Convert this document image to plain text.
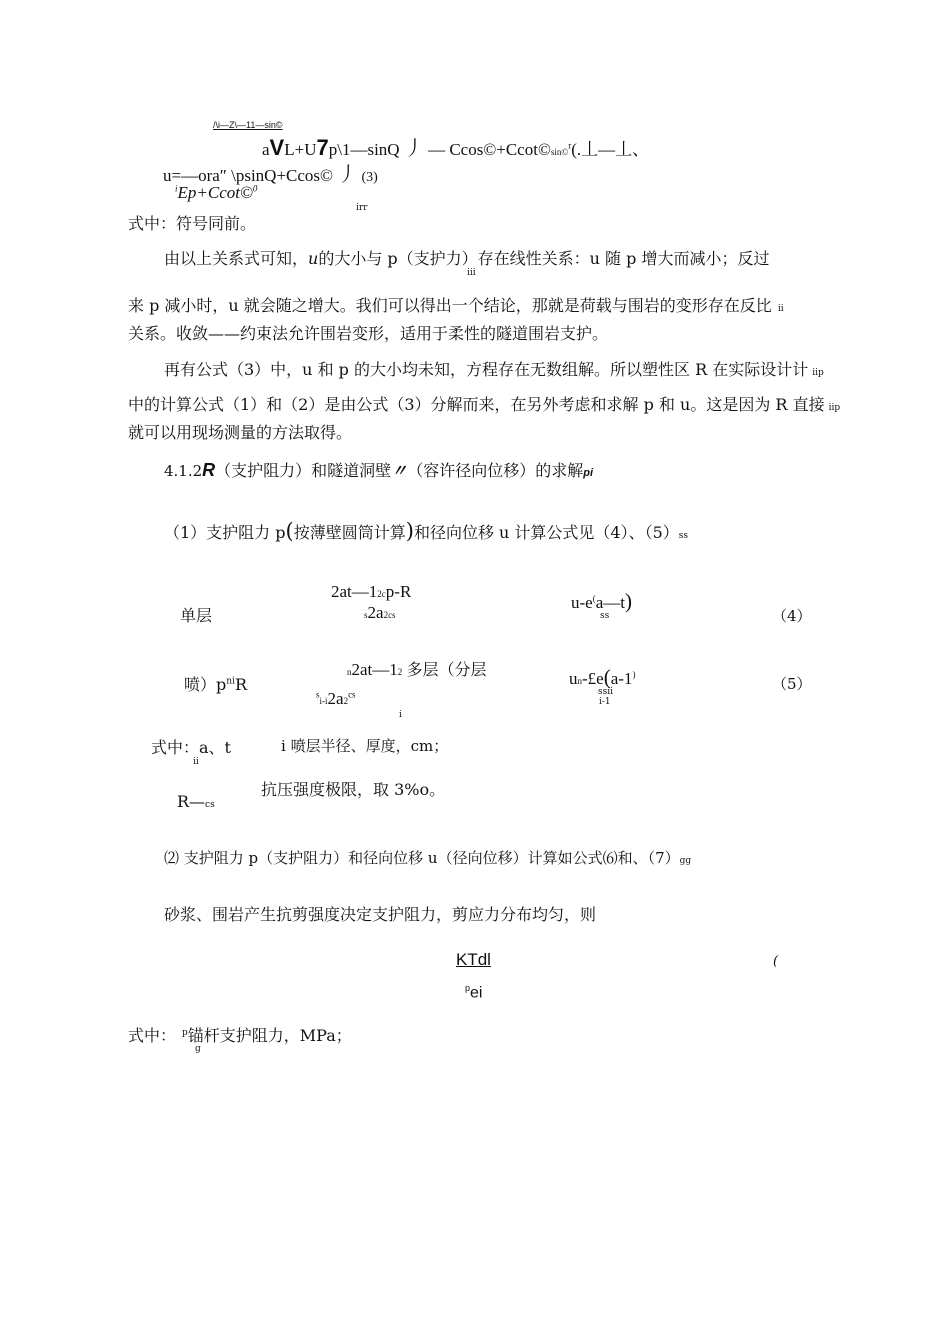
/\i—Z\—11—sin©
aVL+U7p\1—sinQ 丿 — Ccos©+Ccot©sin©$^r$(.丄—丄、
u=—ora″ \psinQ+Ccos© 丿 (3)
$^i$Ep+Ccot©$^0$
irr
式中：符号同前。
由以上关系式可知，u的大小与 p（支护力）存在线性关系：u 随 p 增大而减小；反过
iii
来 p 减小时，u 就会随之增大。我们可以得出一个结论，那就是荷载与围岩的变形存在反比 ii
关系。收敛——约束法允许围岩变形，适用于柔性的隧道围岩支护。
再有公式（3）中，u 和 p 的大小均未知，方程存在无数组解。所以塑性区 R 在实际设计计 iip
中的计算公式（1）和（2）是由公式（3）分解而来，在另外考虑和求解 p 和 u。这是因为 R 直接 iip
就可以用现场测量的方法取得。
4.1.2R（支护阻力）和隧道洞壁〃（容许径向位移）的求解pi
（1）支护阻力 p(按薄壁圆筒计算)和径向位移 u 计算公式见（4）、（5）ss
单层
2at—12cp-R
s2a2cs
u-e(a—t)
ss	（4）
喷）$p^{ni}R$
n2at—12 多层（分层
$^si-i2a2^{cs}$
i
un-£e(a-1)
ssii
i-1
（5）
式中：a、t
ii
i 喷层半径、厚度，cm；
R—cs
抗压强度极限，取 3%o。
⑵ 支护阻力 p（支护阻力）和径向位移 u（径向位移）计算如公式⑹和、（7）gg
砂浆、围岩产生抗剪强度决定支护阻力，剪应力分布均匀，则
KTdl
$^p$ei
(
式中： $^p$锚杆支护阻力，MPa；
g
